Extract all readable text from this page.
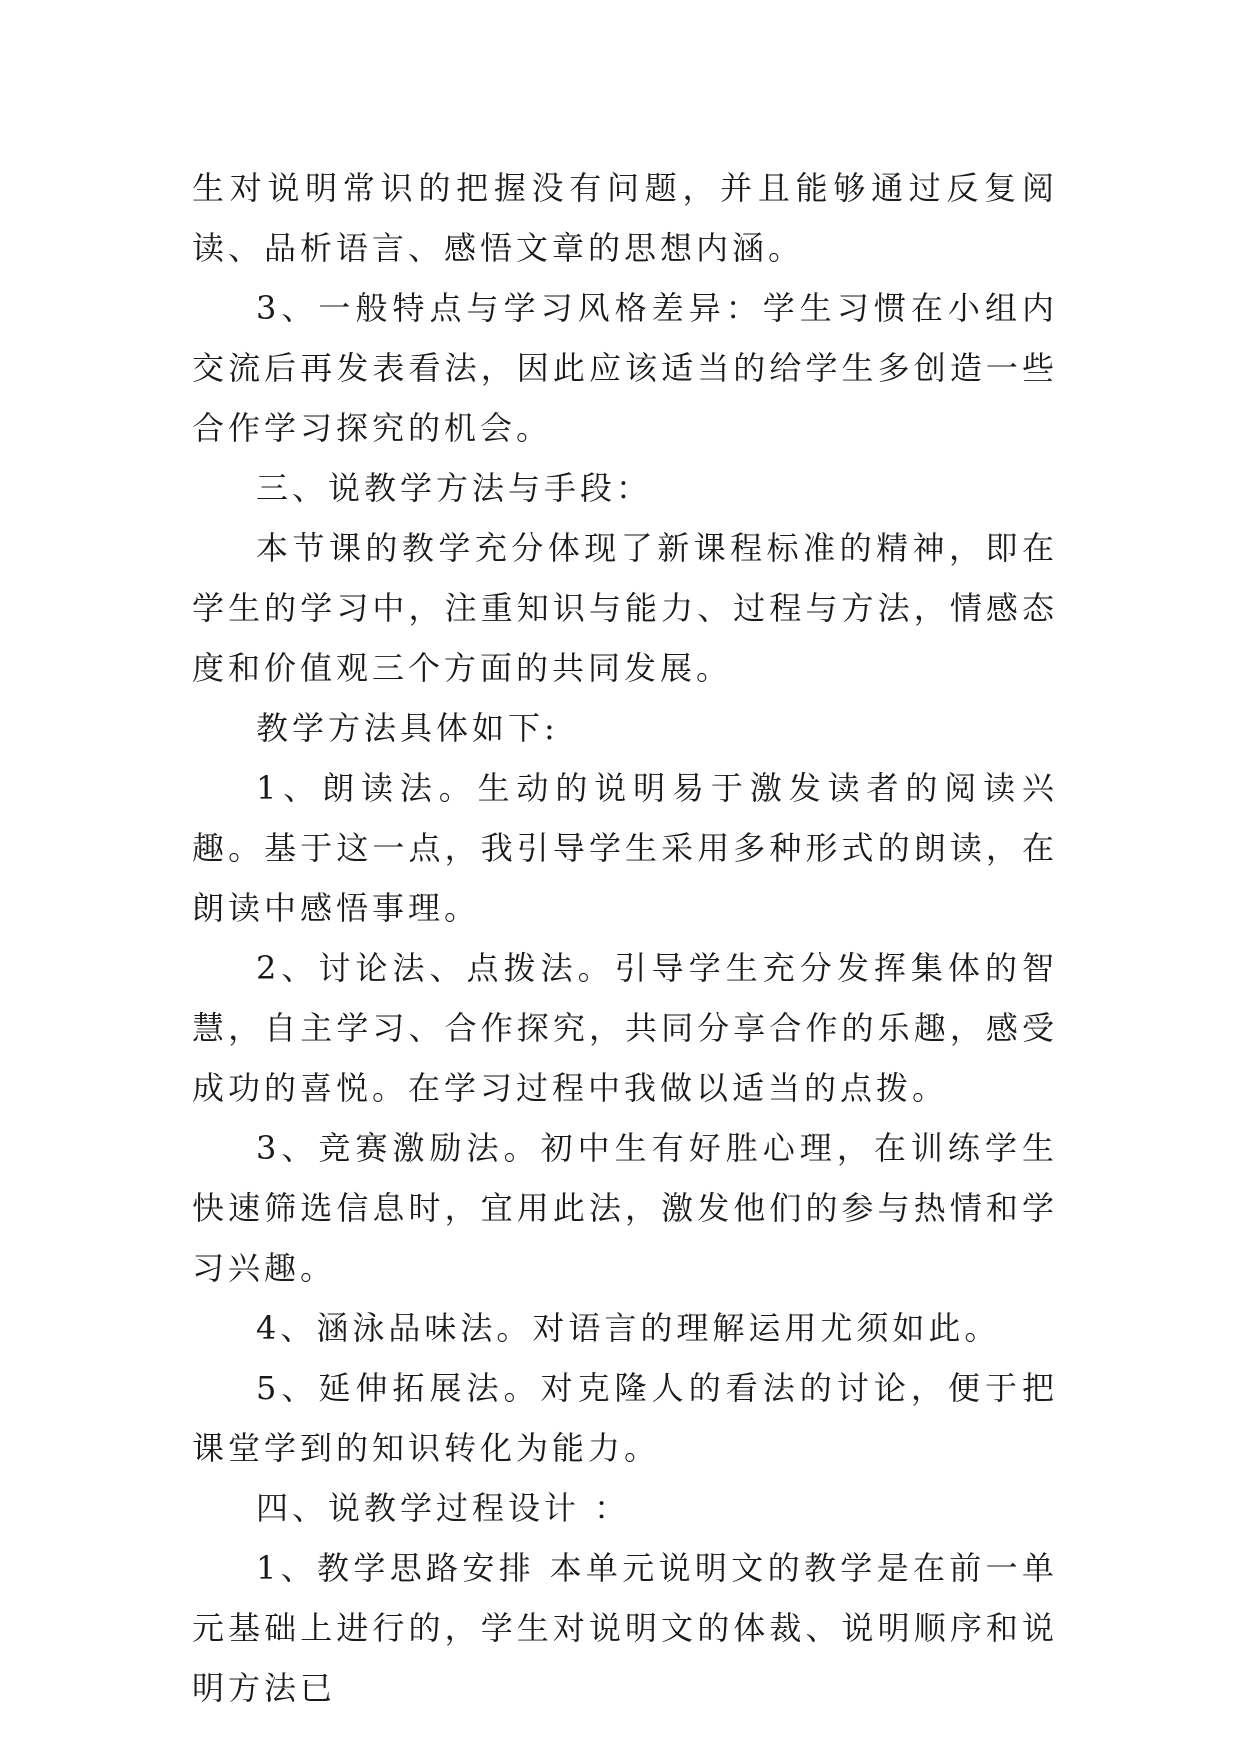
生对说明常识的把握没有问题，并且能够通过反复阅读、品析语言、感悟文章的思想内涵。

3、一般特点与学习风格差异：学生习惯在小组内交流后再发表看法，因此应该适当的给学生多创造一些合作学习探究的机会。

三、说教学方法与手段：

本节课的教学充分体现了新课程标准的精神，即在学生的学习中，注重知识与能力、过程与方法，情感态度和价值观三个方面的共同发展。

教学方法具体如下:

1、朗读法。生动的说明易于激发读者的阅读兴趣。基于这一点，我引导学生采用多种形式的朗读，在朗读中感悟事理。

2、讨论法、点拨法。引导学生充分发挥集体的智慧，自主学习、合作探究，共同分享合作的乐趣，感受成功的喜悦。在学习过程中我做以适当的点拨。

3、竞赛激励法。初中生有好胜心理，在训练学生快速筛选信息时，宜用此法，激发他们的参与热情和学习兴趣。

4、涵泳品味法。对语言的理解运用尤须如此。

5、延伸拓展法。对克隆人的看法的讨论，便于把课堂学到的知识转化为能力。

四、说教学过程设计 ：

1、教学思路安排 本单元说明文的教学是在前一单元基础上进行的，学生对说明文的体裁、说明顺序和说明方法已
